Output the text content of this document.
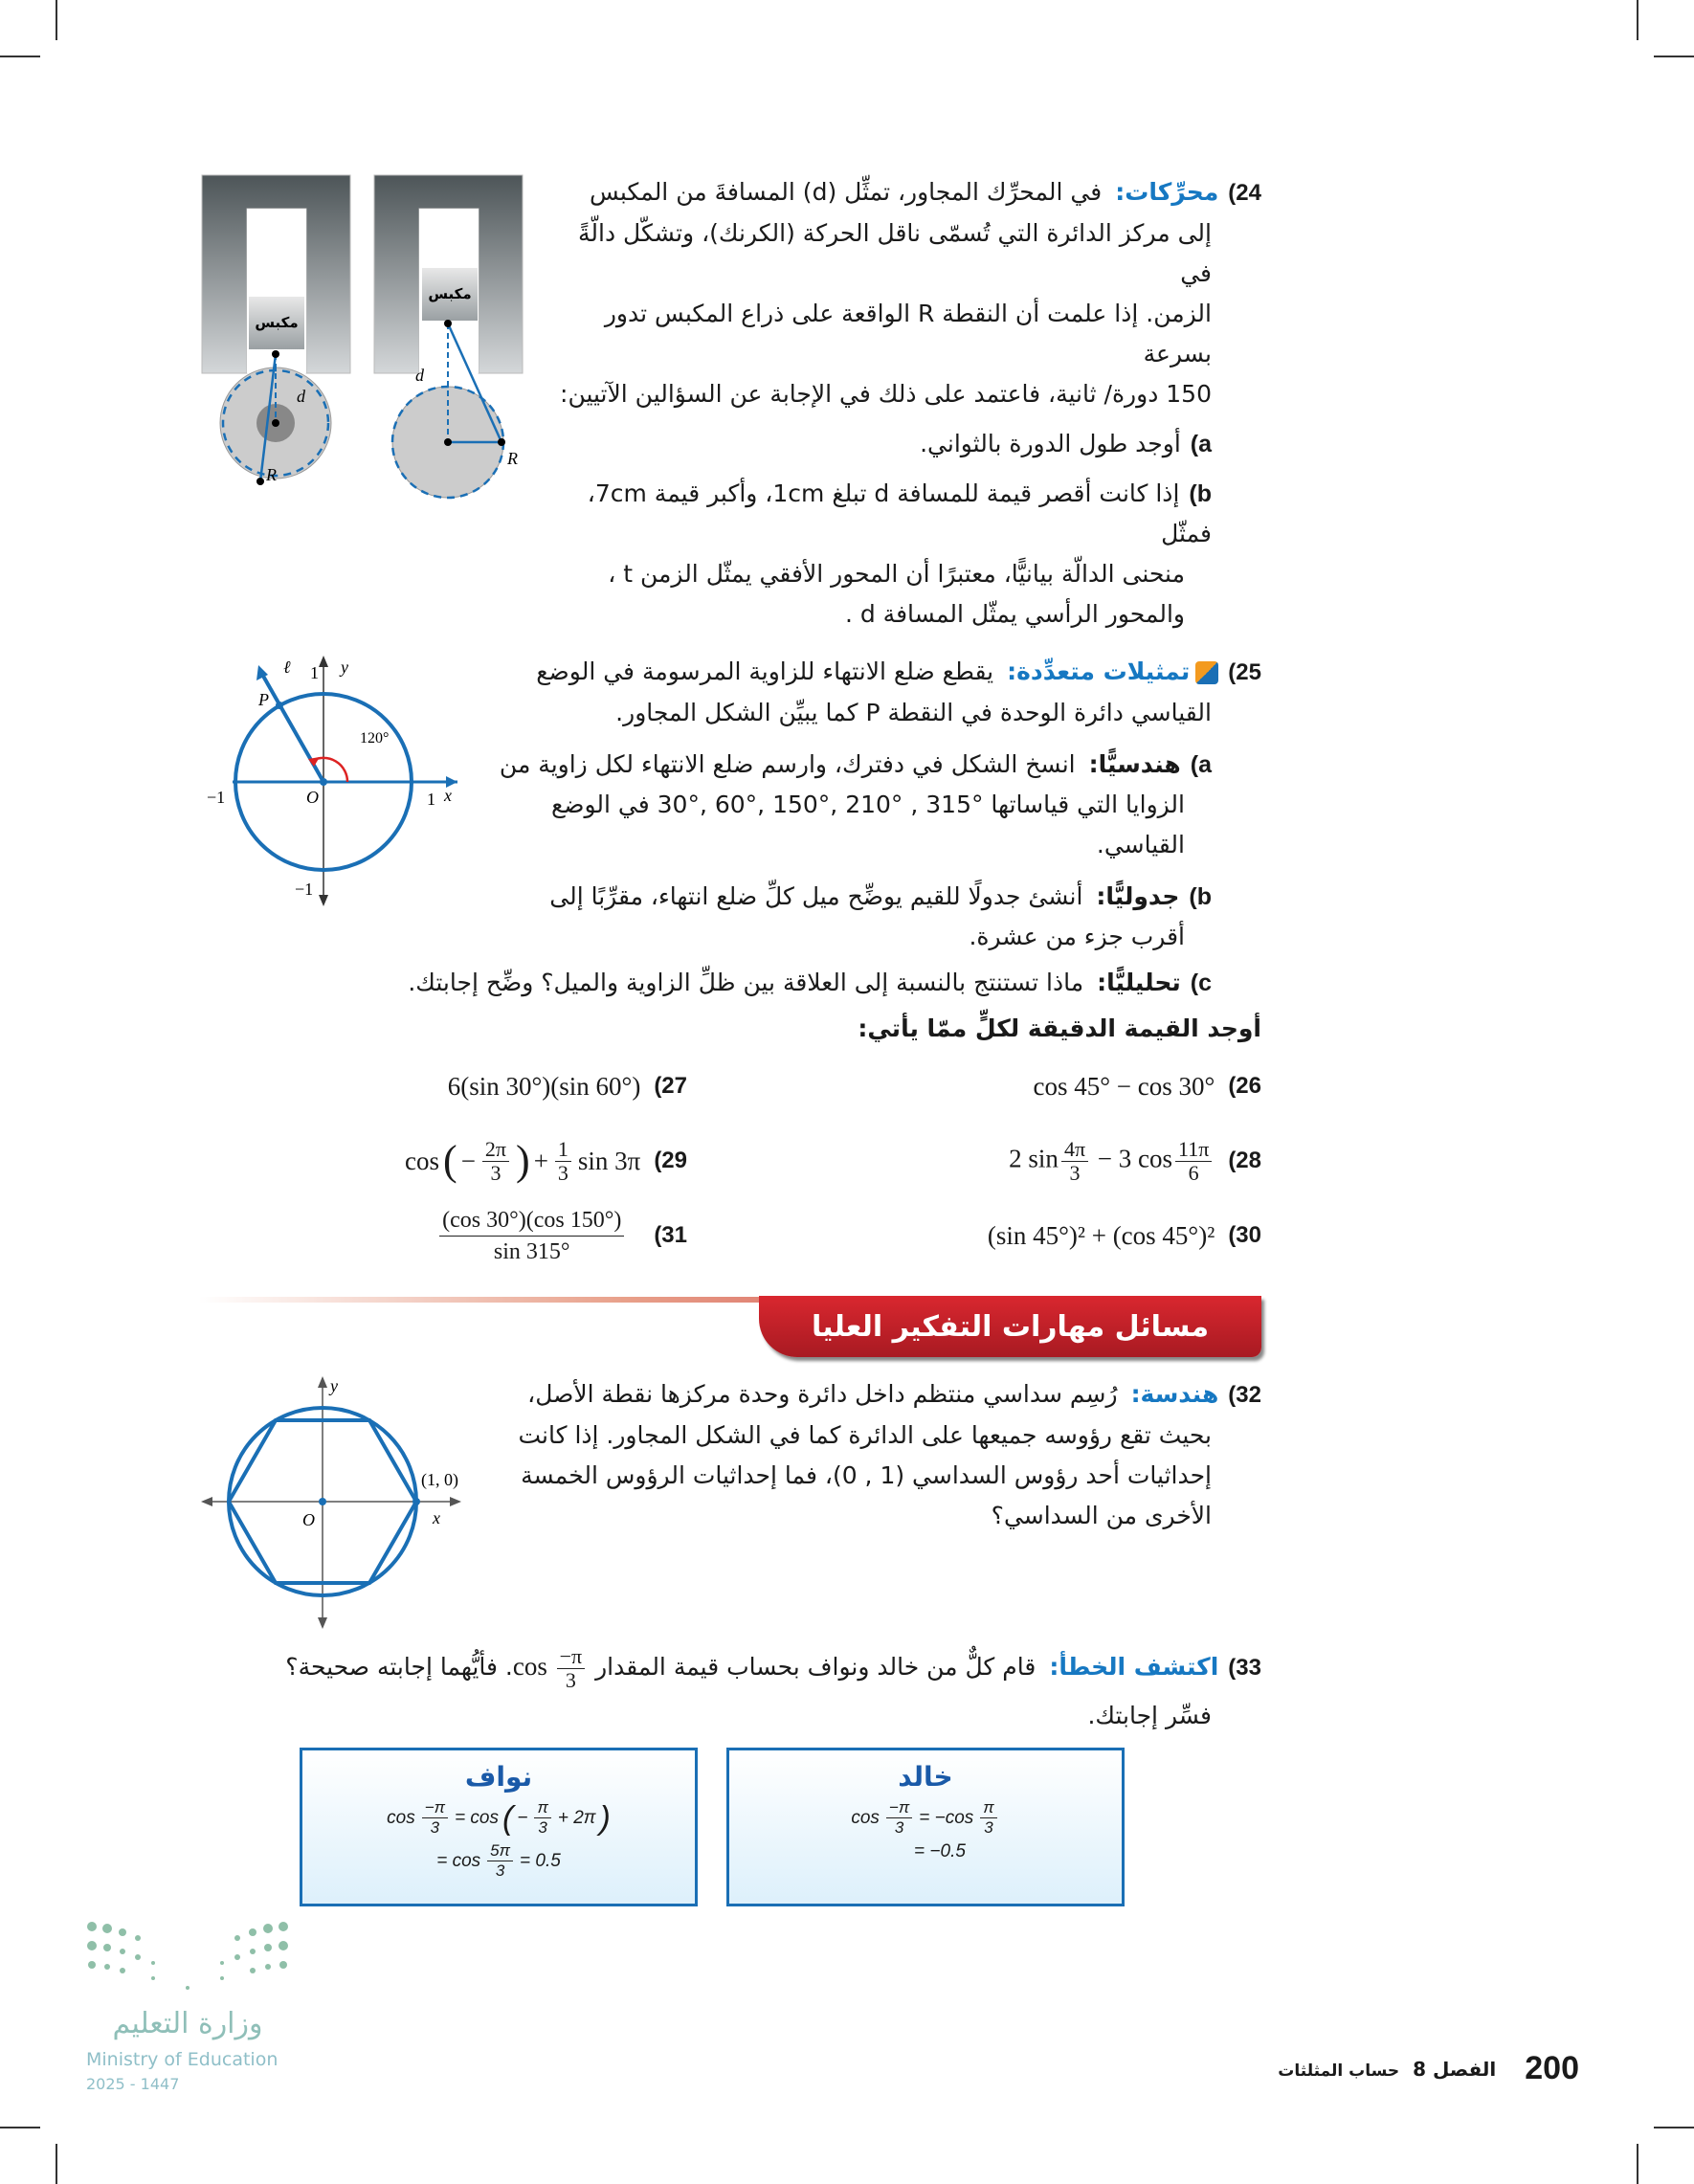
مكبس
d
R
مكبس
d
R
24)محرِّكات:في المحرِّك المجاور، تمثِّل (d) المسافةَ من المكبس
إلى مركز الدائرة التي تُسمّى ناقل الحركة (الكرنك)، وتشكّل دالّةً في
الزمن. إذا علمت أن النقطة R الواقعة على ذراع المكبس تدور بسرعة
150 دورة/ ثانية، فاعتمد على ذلك في الإجابة عن السؤالين الآتيين:
a)أوجد طول الدورة بالثواني.
b)إذا كانت أقصر قيمة للمسافة d تبلغ 1cm، وأكبر قيمة 7cm، فمثّل
منحنى الدالّة بيانيًّا، معتبرًا أن المحور الأفقي يمثّل الزمن t ،
والمحور الرأسي يمثّل المسافة d .
ℓ	y
1
P
120°
O
−1	1 x
−1
25)تمثيلات متعدِّدة:يقطع ضلع الانتهاء للزاوية المرسومة في الوضع
القياسي دائرة الوحدة في النقطة P كما يبيِّن الشكل المجاور.
a)هندسيًّا:انسخ الشكل في دفترك، وارسم ضلع الانتهاء لكل زاوية من
الزوايا التي قياساتها °315 , °210 ,°150 ,°60 ,°30 في الوضع القياسي.
b)جدوليًّا:أنشئ جدولًا للقيم يوضِّح ميل كلِّ ضلع انتهاء، مقرِّبًا إلى
أقرب جزء من عشرة.
c)تحليليًّا:ماذا تستنتج بالنسبة إلى العلاقة بين ظلِّ الزاوية والميل؟ وضِّح إجابتك.
أوجد القيمة الدقيقة لكلٍّ ممّا يأتي:
cos 45° − cos 30° (26
6(sin 30°)(sin 60°) (27
2 $\sin \frac{4\pi}{3} - 3$ $\cos \frac{11\pi}{6} (28$
cos ( − $\frac{2\pi}{3}$ ) + $\frac{1}{3}$ sin 3π (29
(sin 45°)² + (cos 45°)² (30
$\frac{(\cos 30^\circ)(\cos 150^\circ)}{\sin 315^\circ} (31$
مسائل مهارات التفكير العليا
y
(1, 0)
x
O
32)هندسة:رُسِم سداسي منتظم داخل دائرة وحدة مركزها نقطة الأصل،
بحيث تقع رؤوسه جميعها على الدائرة كما في الشكل المجاور. إذا كانت
إحداثيات أحد رؤوس السداسي (1 , 0)، فما إحداثيات الرؤوس الخمسة
الأخرى من السداسي؟
33)اكتشف الخطأ:قام كلٌّ من خالد ونواف بحساب قيمة المقدار $\cos \frac{-\pi}{3}$
. فأيُّهما إجابته صحيحة؟
فسِّر إجابتك.
خالد
$\cos \frac{-\pi}{3} = -\cos \frac{\pi}{3}$
= −0.5
نواف
$\cos \frac{-\pi}{3} = \cos$ ( − $\frac{\pi}{3} + 2\pi$ )
= $\cos \frac{5\pi}{3} = 0.5$
وزارة التعليم
Ministry of Education
2025 - 1447	200
الفصل 8  حساب المثلثات
